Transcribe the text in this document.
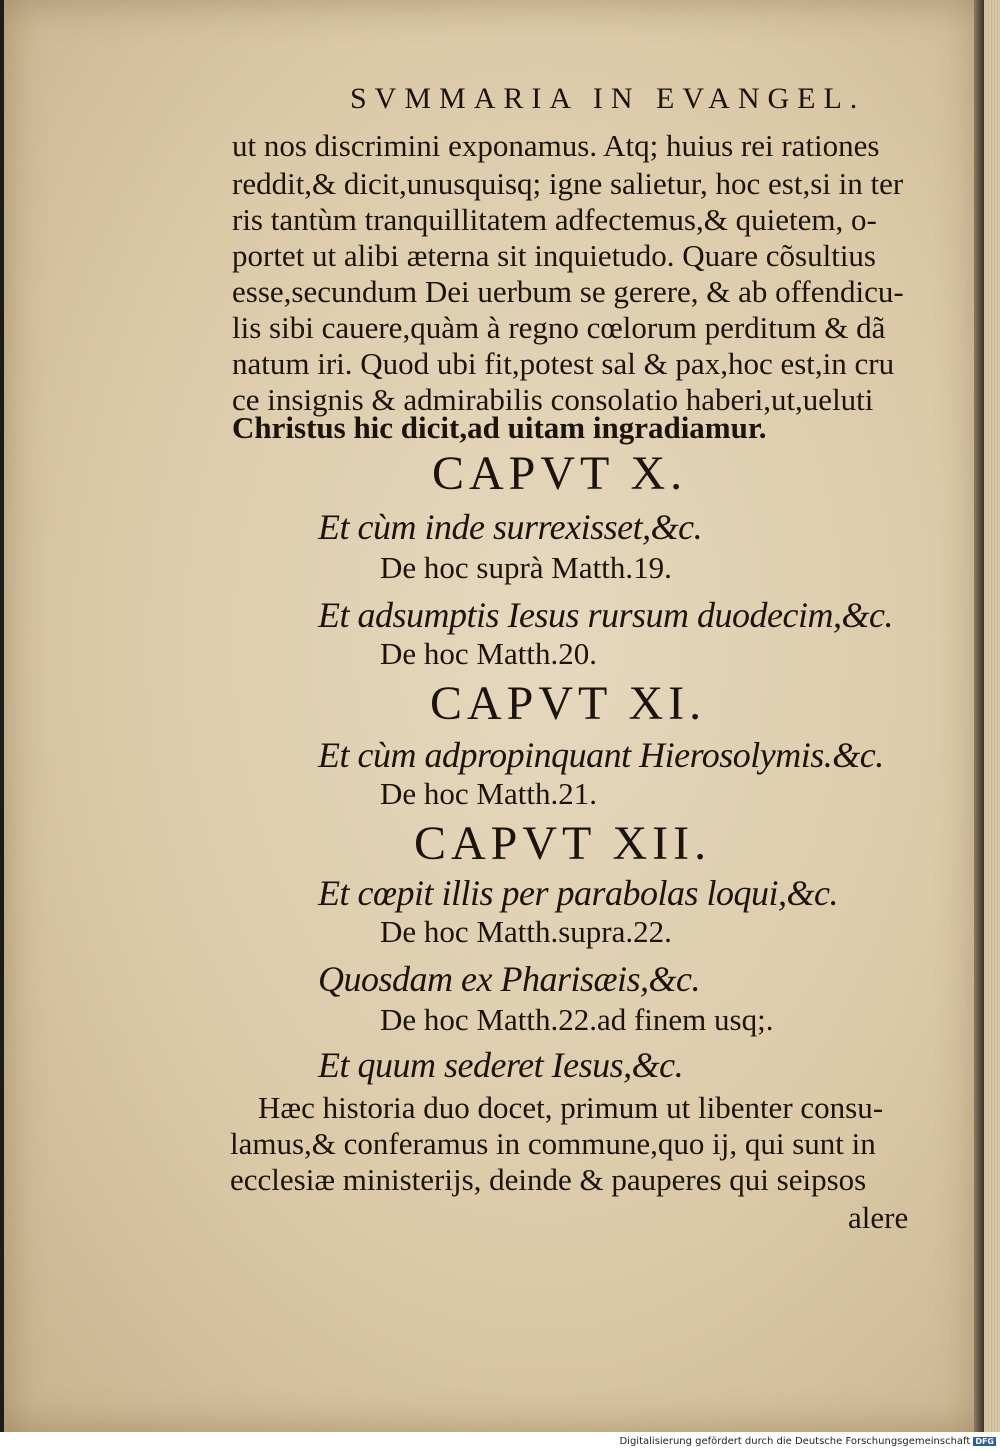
SVMMARIA IN EVANGEL.
ut nos discrimini exponamus. Atq; huius rei rationes
reddit,& dicit,unusquisq; igne salietur, hoc est,si in ter
ris tantùm tranquillitatem adfectemus,& quietem, o-
portet ut alibi æterna sit inquietudo. Quare cõsultius
esse,secundum Dei uerbum se gerere, & ab offendicu-
lis sibi cauere,quàm à regno cœlorum perditum & dã
natum iri. Quod ubi fit,potest sal & pax,hoc est,in cru
ce insignis & admirabilis consolatio haberi,ut,ueluti
Christus hic dicit,ad uitam ingradiamur.
CAPVT X.
Et cùm inde surrexisset,&c.
De hoc suprà Matth.19.
Et adsumptis Iesus rursum duodecim,&c.
De hoc Matth.20.
CAPVT XI.
Et cùm adpropinquant Hierosolymis.&c.
De hoc Matth.21.
CAPVT XII.
Et cœpit illis per parabolas loqui,&c.
De hoc Matth.supra.22.
Quosdam ex Pharisæis,&c.
De hoc Matth.22.ad finem usq;.
Et quum sederet Iesus,&c.
Hæc historia duo docet, primum ut libenter consu-
lamus,& conferamus in commune,quo ij, qui sunt in
ecclesiæ ministerijs, deinde & pauperes qui seipsos
alere
Digitalisierung gefördert durch die Deutsche Forschungsgemeinschaft DFG
